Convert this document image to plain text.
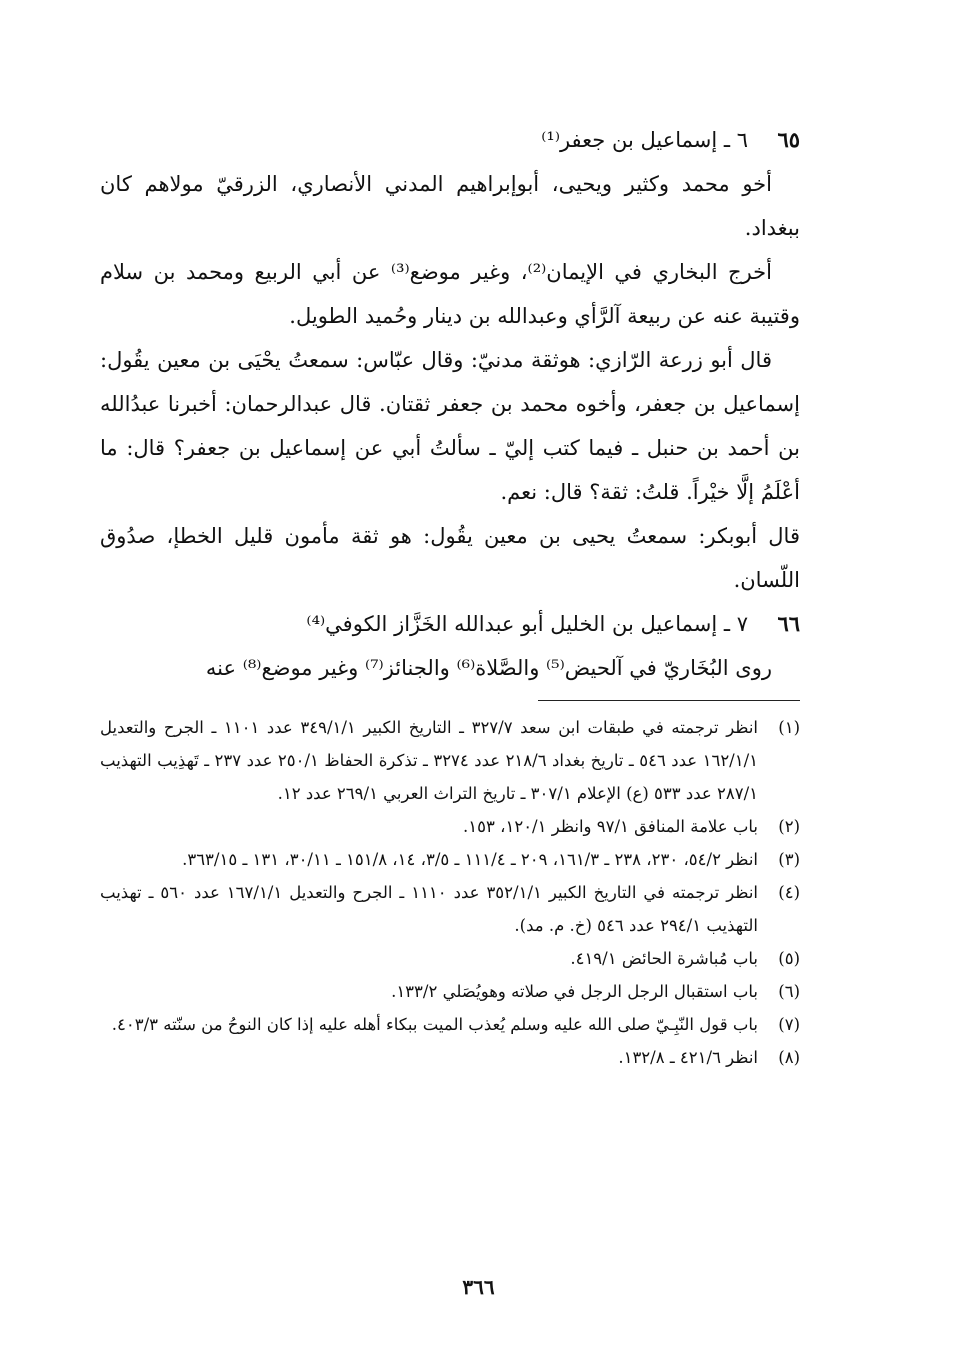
٦٥
٦ ـ إسماعيل بن جعفر⁽¹⁾

أخو محمد وكثير ويحيى، أبوإبراهيم المدني الأنصاري، الزرقيّ مولاهم كان ببغداد.

أخرج البخاري في الإيمان⁽²⁾، وغير موضع⁽³⁾ عن أبي الربيع ومحمد بن سلام وقتيبة عنه عن ربيعة آلرَّأي وعبدالله بن دينار وحُميد الطويل.

قال أبو زرعة الرّازي: هوثقة مدنيّ: وقال عبّاس: سمعتُ يحْيَى بن معين يقُول: إسماعيل بن جعفر، وأخوه محمد بن جعفر ثقتان. قال عبدالرحمان: أخبرنا عبدُالله بن أحمد بن حنبل ـ فيما كتب إليّ ـ سألتُ أبي عن إسماعيل بن جعفر؟ قال: ما أعْلَمُ إلَّا خيْراً. قلتُ: ثقة؟ قال: نعم.

قال أبوبكر: سمعتُ يحيى بن معين يقُول: هو ثقة مأمون قليل الخطإ، صدُوق اللّسان.

٦٦
٧ ـ إسماعيل بن الخليل أبو عبدالله الخَزَّاز الكوفي⁽⁴⁾

روى البُخَاريّ في آلحيض⁽⁵⁾ والصَّلاة⁽⁶⁾ والجنائز⁽⁷⁾ وغير موضع⁽⁸⁾ عنه

(١)
انظر ترجمته في طبقات ابن سعد ٣٢٧/٧ ـ التاريخ الكبير ٣٤٩/١/١ عدد ١١٠١ ـ الجرح والتعديل ١٦٢/١/١ عدد ٥٤٦ ـ تاريخ بغداد ٢١٨/٦ عدد ٣٢٧٤ ـ تذكرة الحفاظ ٢٥٠/١ عدد ٢٣٧ ـ تَهذِيب التهذيب ٢٨٧/١ عدد ٥٣٣ (ع) الإعلام ٣٠٧/١ ـ تاريخ التراث العربي ٢٦٩/١ عدد ١٢.
(٢)
باب علامة المنافق ٩٧/١ وانظر ١٢٠/١، ١٥٣.
(٣)
انظر ٥٤/٢، ٢٣٠، ٢٣٨ ـ ١٦١/٣، ٢٠٩ ـ ١١١/٤ ـ ٣/٥، ١٤، ١٥١/٨ ـ ٣٠/١١، ١٣١ ـ ٣٦٣/١٥.
(٤)
انظر ترجمته في التاريخ الكبير ٣٥٢/١/١ عدد ١١١٠ ـ الجرح والتعديل ١٦٧/١/١ عدد ٥٦٠ ـ تهذيب التهذيب ٢٩٤/١ عدد ٥٤٦ (خ. م. مد).
(٥)
باب مُباشرة الحائض ٤١٩/١.
(٦)
باب استقبال الرجل الرجل في صلاته وهويُصَلي ١٣٣/٢.
(٧)
باب قول النّبِـيّ صلى الله عليه وسلم يُعذب الميت ببكاء أهله عليه إذا كان النوحُ من سنّته ٤٠٣/٣.
(٨)
انظر ٤٢١/٦ ـ ١٣٢/٨.
٣٦٦
